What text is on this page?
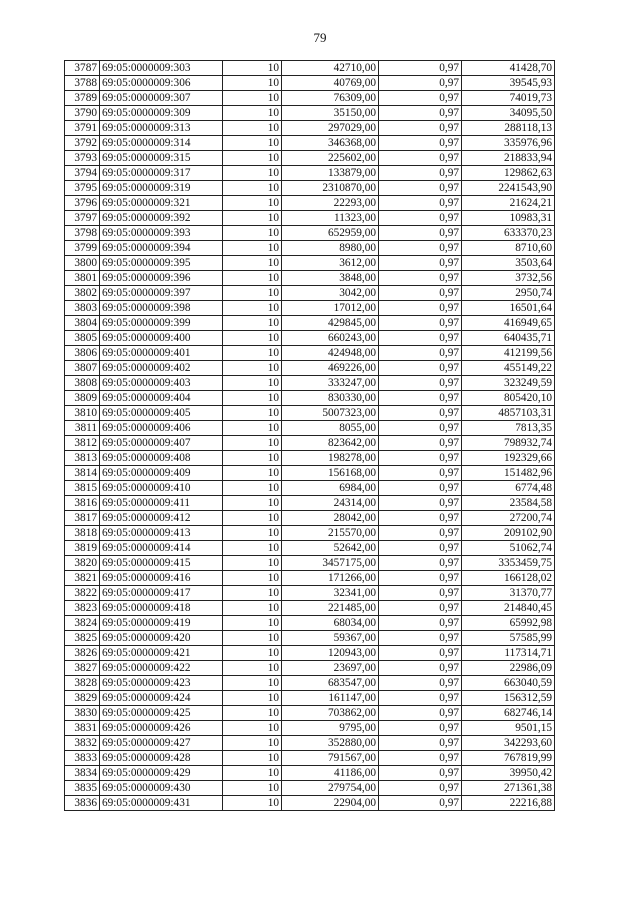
79
3787	69:05:0000009:303	10	42710,00	0,97	41428,70
3788	69:05:0000009:306	10	40769,00	0,97	39545,93
3789	69:05:0000009:307	10	76309,00	0,97	74019,73
3790	69:05:0000009:309	10	35150,00	0,97	34095,50
3791	69:05:0000009:313	10	297029,00	0,97	288118,13
3792	69:05:0000009:314	10	346368,00	0,97	335976,96
3793	69:05:0000009:315	10	225602,00	0,97	218833,94
3794	69:05:0000009:317	10	133879,00	0,97	129862,63
3795	69:05:0000009:319	10	2310870,00	0,97	2241543,90
3796	69:05:0000009:321	10	22293,00	0,97	21624,21
3797	69:05:0000009:392	10	11323,00	0,97	10983,31
3798	69:05:0000009:393	10	652959,00	0,97	633370,23
3799	69:05:0000009:394	10	8980,00	0,97	8710,60
3800	69:05:0000009:395	10	3612,00	0,97	3503,64
3801	69:05:0000009:396	10	3848,00	0,97	3732,56
3802	69:05:0000009:397	10	3042,00	0,97	2950,74
3803	69:05:0000009:398	10	17012,00	0,97	16501,64
3804	69:05:0000009:399	10	429845,00	0,97	416949,65
3805	69:05:0000009:400	10	660243,00	0,97	640435,71
3806	69:05:0000009:401	10	424948,00	0,97	412199,56
3807	69:05:0000009:402	10	469226,00	0,97	455149,22
3808	69:05:0000009:403	10	333247,00	0,97	323249,59
3809	69:05:0000009:404	10	830330,00	0,97	805420,10
3810	69:05:0000009:405	10	5007323,00	0,97	4857103,31
3811	69:05:0000009:406	10	8055,00	0,97	7813,35
3812	69:05:0000009:407	10	823642,00	0,97	798932,74
3813	69:05:0000009:408	10	198278,00	0,97	192329,66
3814	69:05:0000009:409	10	156168,00	0,97	151482,96
3815	69:05:0000009:410	10	6984,00	0,97	6774,48
3816	69:05:0000009:411	10	24314,00	0,97	23584,58
3817	69:05:0000009:412	10	28042,00	0,97	27200,74
3818	69:05:0000009:413	10	215570,00	0,97	209102,90
3819	69:05:0000009:414	10	52642,00	0,97	51062,74
3820	69:05:0000009:415	10	3457175,00	0,97	3353459,75
3821	69:05:0000009:416	10	171266,00	0,97	166128,02
3822	69:05:0000009:417	10	32341,00	0,97	31370,77
3823	69:05:0000009:418	10	221485,00	0,97	214840,45
3824	69:05:0000009:419	10	68034,00	0,97	65992,98
3825	69:05:0000009:420	10	59367,00	0,97	57585,99
3826	69:05:0000009:421	10	120943,00	0,97	117314,71
3827	69:05:0000009:422	10	23697,00	0,97	22986,09
3828	69:05:0000009:423	10	683547,00	0,97	663040,59
3829	69:05:0000009:424	10	161147,00	0,97	156312,59
3830	69:05:0000009:425	10	703862,00	0,97	682746,14
3831	69:05:0000009:426	10	9795,00	0,97	9501,15
3832	69:05:0000009:427	10	352880,00	0,97	342293,60
3833	69:05:0000009:428	10	791567,00	0,97	767819,99
3834	69:05:0000009:429	10	41186,00	0,97	39950,42
3835	69:05:0000009:430	10	279754,00	0,97	271361,38
3836	69:05:0000009:431	10	22904,00	0,97	22216,88
